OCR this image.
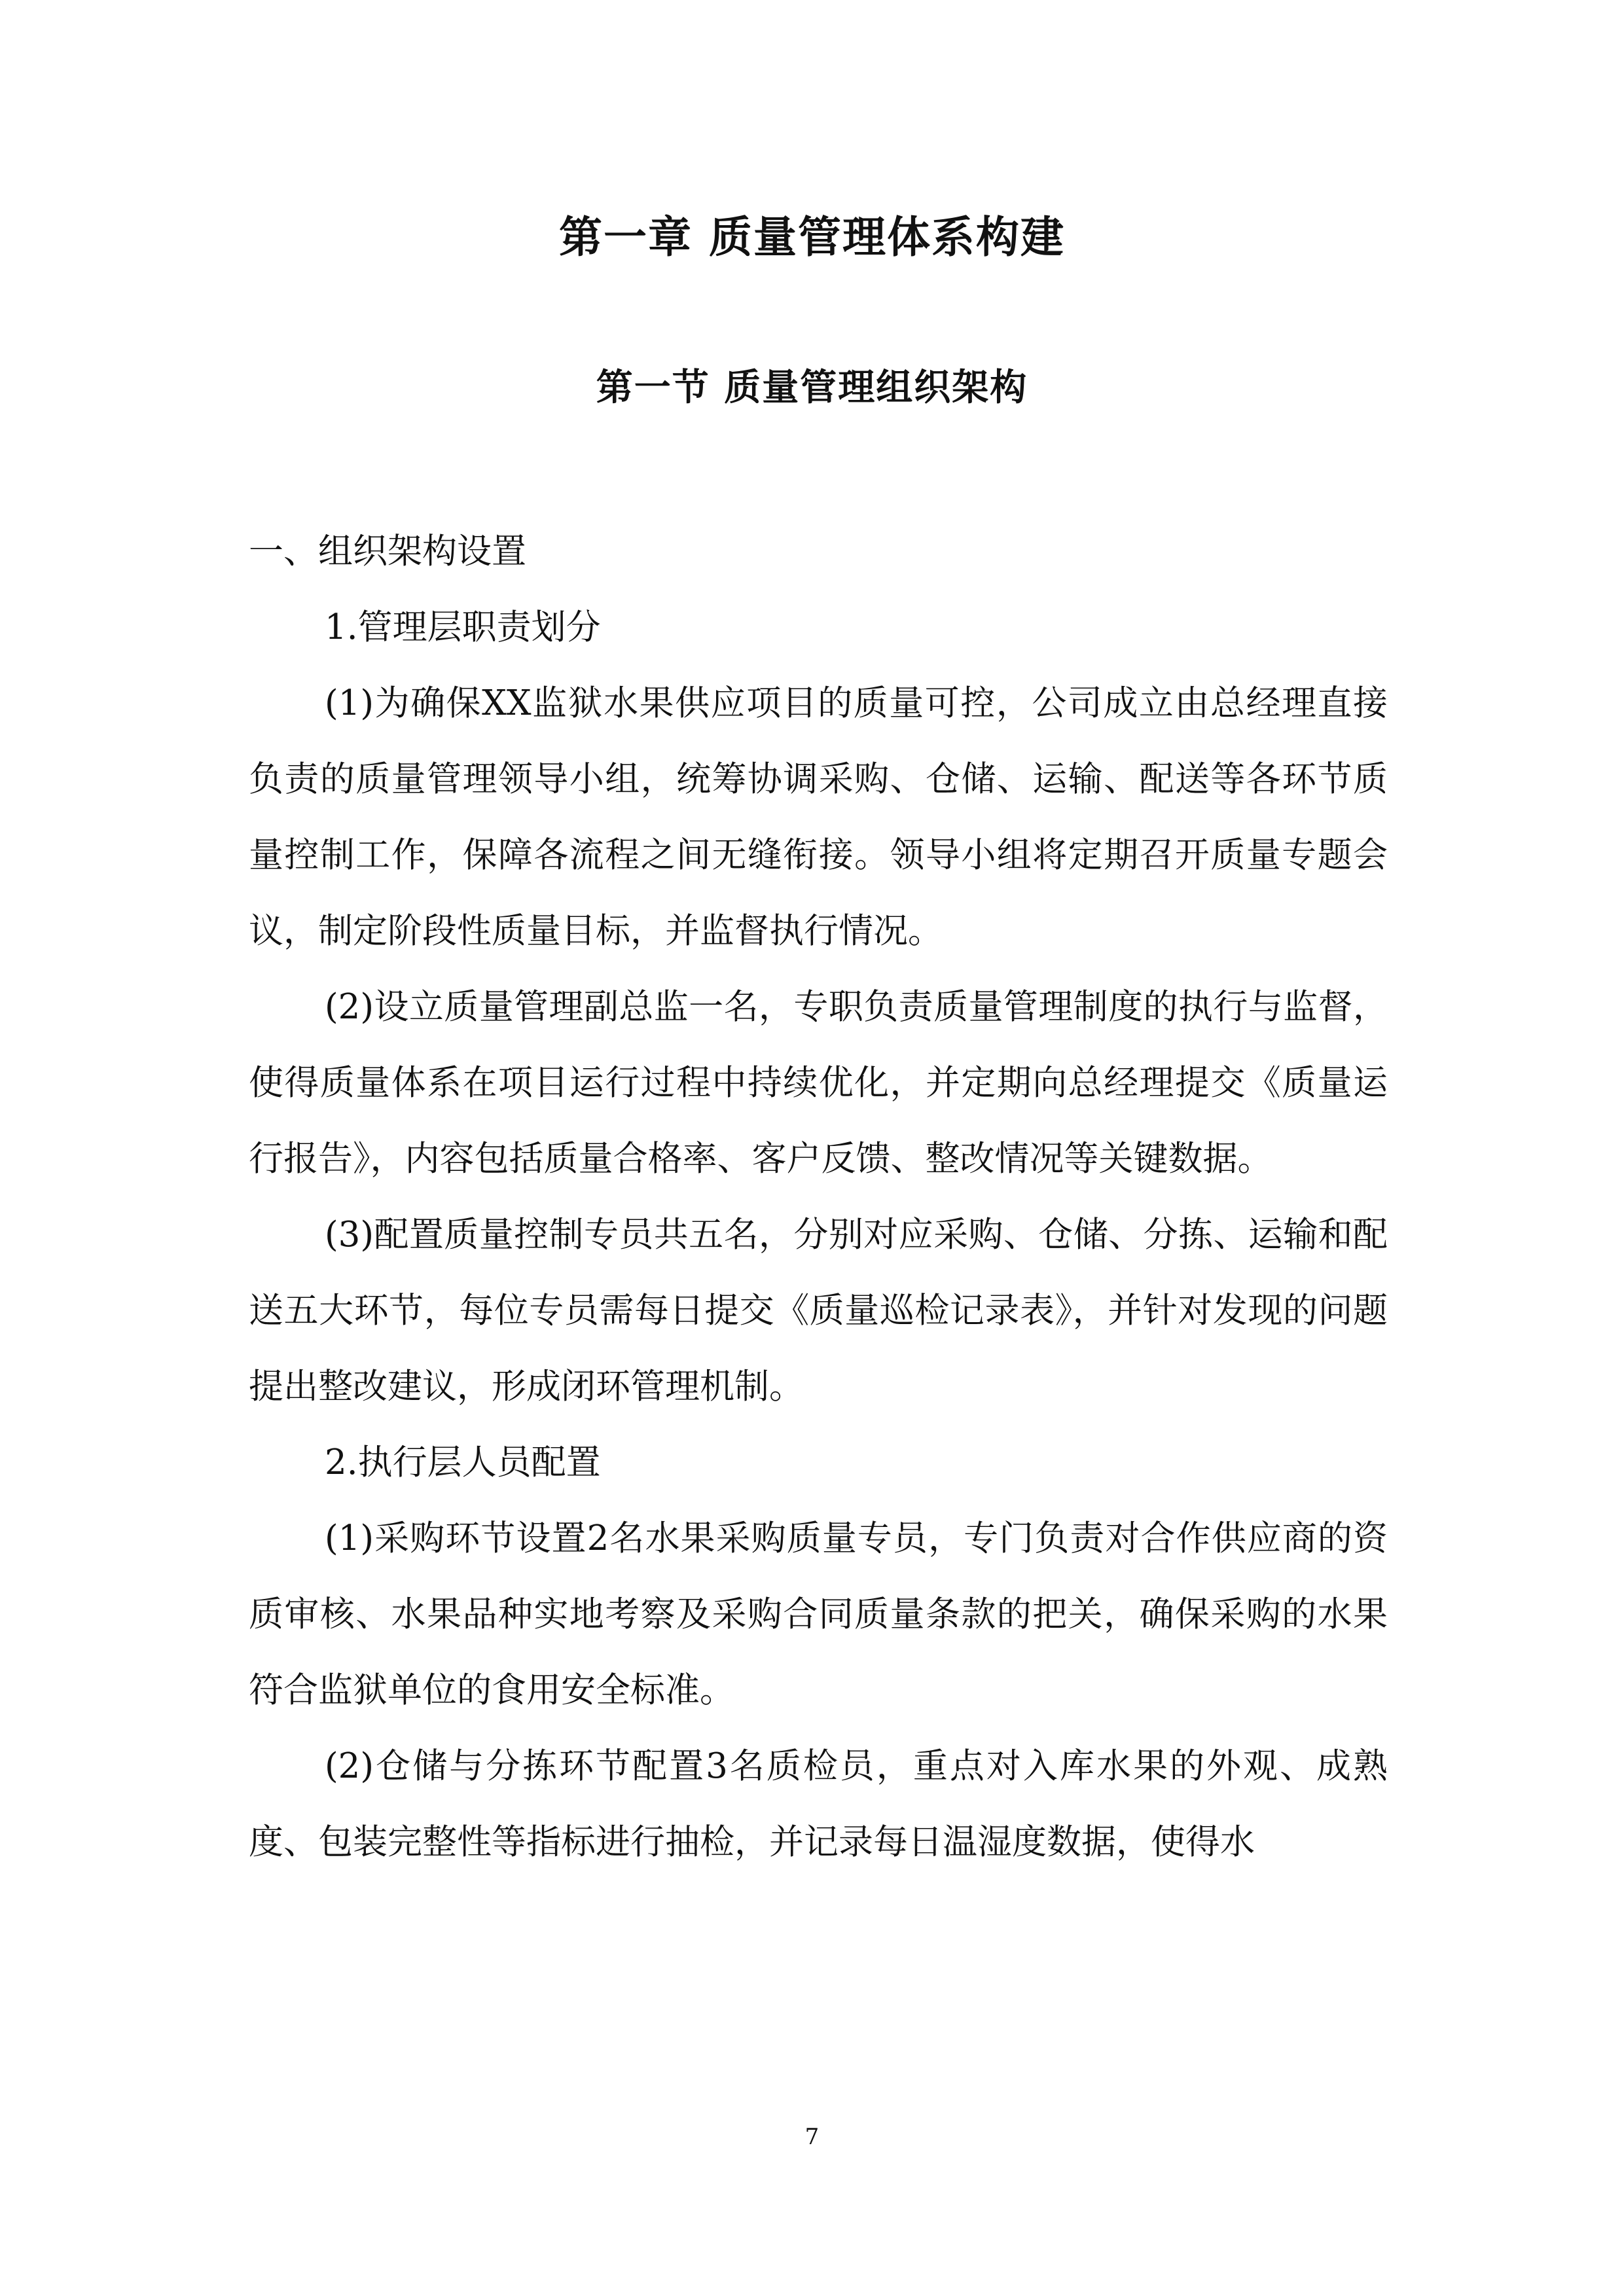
第一章 质量管理体系构建
第一节 质量管理组织架构

一、组织架构设置

1.管理层职责划分

(1)为确保XX监狱水果供应项目的质量可控，公司成立由总经理直接负责的质量管理领导小组，统筹协调采购、仓储、运输、配送等各环节质量控制工作，保障各流程之间无缝衔接。领导小组将定期召开质量专题会议，制定阶段性质量目标，并监督执行情况。

(2)设立质量管理副总监一名，专职负责质量管理制度的执行与监督，使得质量体系在项目运行过程中持续优化，并定期向总经理提交《质量运行报告》，内容包括质量合格率、客户反馈、整改情况等关键数据。

(3)配置质量控制专员共五名，分别对应采购、仓储、分拣、运输和配送五大环节，每位专员需每日提交《质量巡检记录表》，并针对发现的问题提出整改建议，形成闭环管理机制。

2.执行层人员配置

(1)采购环节设置2名水果采购质量专员，专门负责对合作供应商的资质审核、水果品种实地考察及采购合同质量条款的把关，确保采购的水果符合监狱单位的食用安全标准。

(2)仓储与分拣环节配置3名质检员，重点对入库水果的外观、成熟度、包装完整性等指标进行抽检，并记录每日温湿度数据，使得水

7
